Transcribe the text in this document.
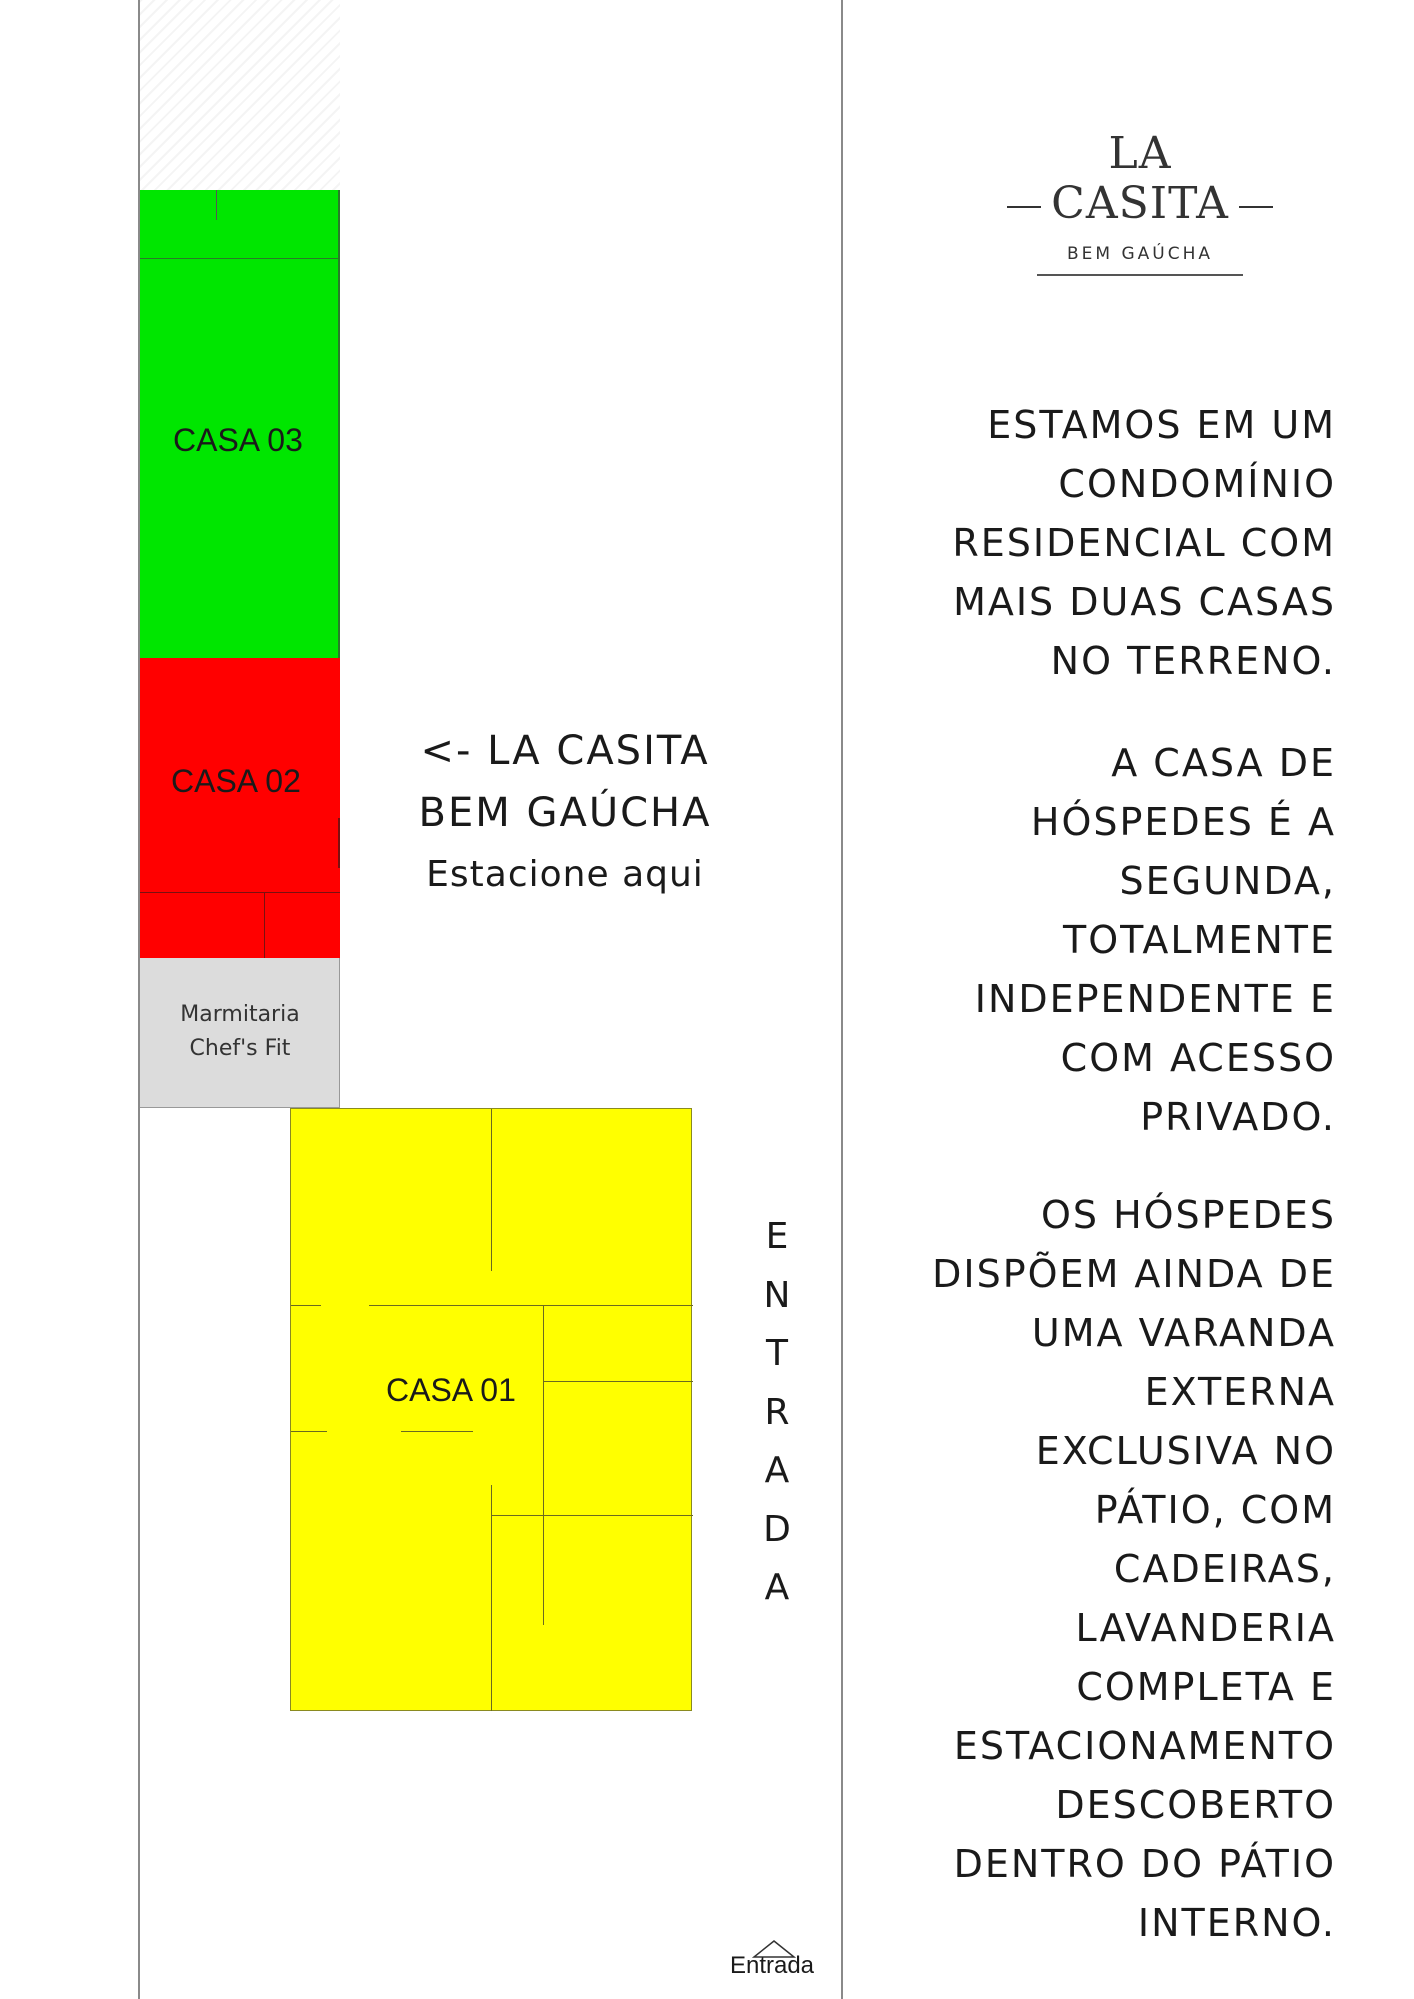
CASA 03
CASA 02
Marmitaria
Chef's Fit
CASA 01
<- LA CASITA
BEM GAÚCHA
Estacione aqui
E
N
T
R
A
D
A
Entrada
LA
CASITA
BEM GAÚCHA
ESTAMOS EM UM
CONDOMÍNIO
RESIDENCIAL COM
MAIS DUAS CASAS
NO TERRENO.
A CASA DE
HÓSPEDES É A
SEGUNDA,
TOTALMENTE
INDEPENDENTE E
COM ACESSO
PRIVADO.
OS HÓSPEDES
DISPÕEM AINDA DE
UMA VARANDA
EXTERNA
EXCLUSIVA NO
PÁTIO, COM
CADEIRAS,
LAVANDERIA
COMPLETA E
ESTACIONAMENTO
DESCOBERTO
DENTRO DO PÁTIO
INTERNO.
